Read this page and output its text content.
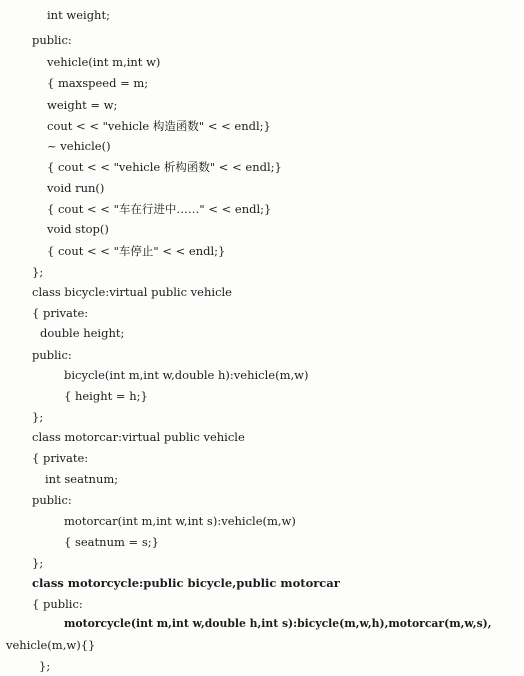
int weight;
public:
vehicle(int m,int w)
{ maxspeed = m;
weight = w;
cout < < "vehicle 构造函数" < < endl;}
~ vehicle()
{ cout < < "vehicle 析构函数" < < endl;}
void run()
{ cout < < "车在行进中……" < < endl;}
void stop()
{ cout < < "车停止" < < endl;}
};
class bicycle:virtual public vehicle
{ private:
double height;
public:
bicycle(int m,int w,double h):vehicle(m,w)
{ height = h;}
};
class motorcar:virtual public vehicle
{ private:
int seatnum;
public:
motorcar(int m,int w,int s):vehicle(m,w)
{ seatnum = s;}
};
class motorcycle:public bicycle,public motorcar
{ public:
motorcycle(int m,int w,double h,int s):bicycle(m,w,h),motorcar(m,w,s),
vehicle(m,w){}
};
